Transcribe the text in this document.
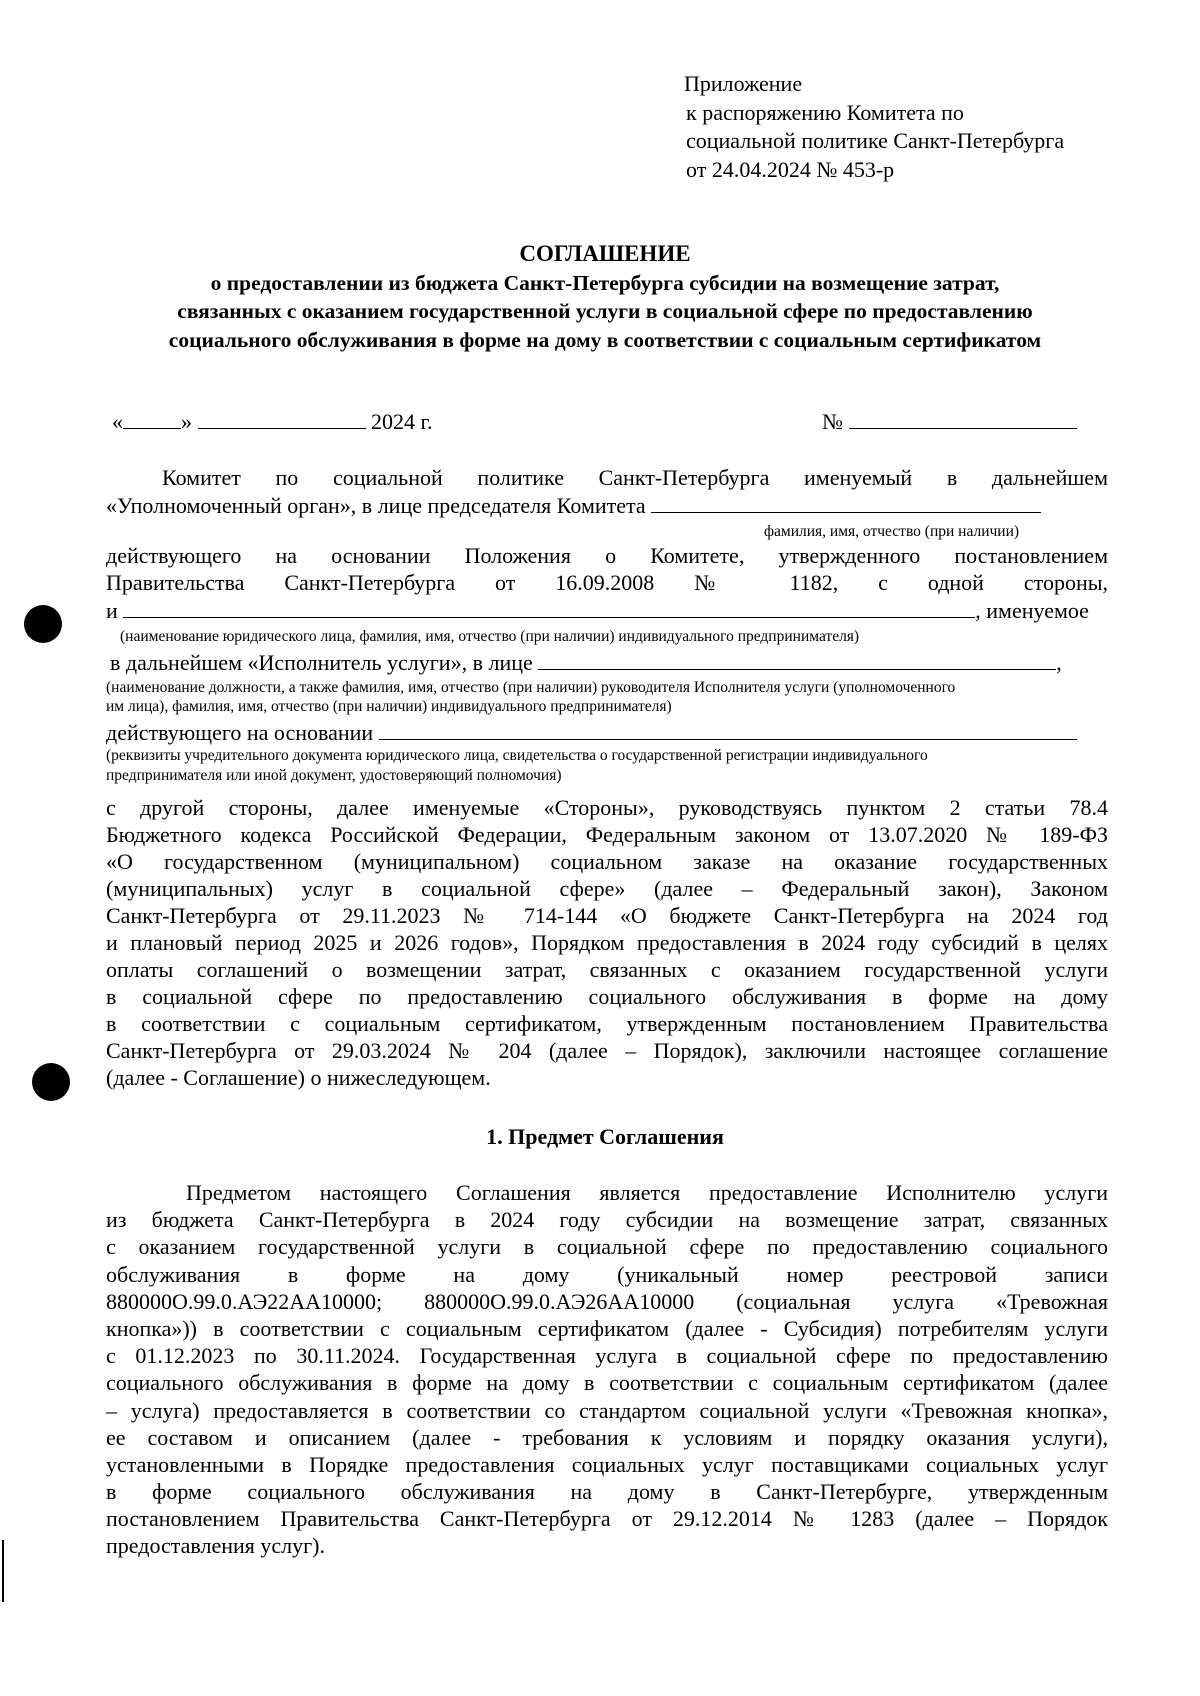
Приложение
к распоряжению Комитета по
социальной политике Санкт-Петербурга
от 24.04.2024 № 453-р
СОГЛАШЕНИЕ
о предоставлении из бюджета Санкт-Петербурга субсидии на возмещение затрат,
связанных с оказанием государственной услуги в социальной сфере по предоставлению
социального обслуживания в форме на дому в соответствии с социальным сертификатом
«	»	2024 г.	№
Комитет по социальной политике Санкт-Петербурга именуемый в дальнейшем
«Уполномоченный орган», в лице председателя Комитета
фамилия, имя, отчество (при наличии)
действующего на основании Положения о Комитете, утвержденного постановлением
Правительства Санкт-Петербурга от 16.09.2008 № 1182, с одной стороны,
и	, именуемое
(наименование юридического лица, фамилия, имя, отчество (при наличии) индивидуального предпринимателя)
в дальнейшем «Исполнитель услуги», в лице	,
(наименование должности, а также фамилия, имя, отчество (при наличии) руководителя Исполнителя услуги (уполномоченного
им лица), фамилия, имя, отчество (при наличии) индивидуального предпринимателя)
действующего на основании
(реквизиты учредительного документа юридического лица, свидетельства о государственной регистрации индивидуального
предпринимателя или иной документ, удостоверяющий полномочия)
с другой стороны, далее именуемые «Стороны», руководствуясь пунктом 2 статьи 78.4
Бюджетного кодекса Российской Федерации, Федеральным законом от 13.07.2020 № 189-ФЗ
«О государственном (муниципальном) социальном заказе на оказание государственных
(муниципальных) услуг в социальной сфере» (далее – Федеральный закон), Законом
Санкт-Петербурга от 29.11.2023 № 714-144 «О бюджете Санкт-Петербурга на 2024 год
и плановый период 2025 и 2026 годов», Порядком предоставления в 2024 году субсидий в целях
оплаты соглашений о возмещении затрат, связанных с оказанием государственной услуги
в социальной сфере по предоставлению социального обслуживания в форме на дому
в соответствии с социальным сертификатом, утвержденным постановлением Правительства
Санкт-Петербурга от 29.03.2024 № 204 (далее – Порядок), заключили настоящее соглашение
(далее - Соглашение) о нижеследующем.
1. Предмет Соглашения
Предметом настоящего Соглашения является предоставление Исполнителю услуги
из бюджета Санкт-Петербурга в 2024 году субсидии на возмещение затрат, связанных
с оказанием государственной услуги в социальной сфере по предоставлению социального
обслуживания в форме на дому (уникальный номер реестровой записи
880000О.99.0.АЭ22АА10000; 880000О.99.0.АЭ26АА10000 (социальная услуга «Тревожная
кнопка»)) в соответствии с социальным сертификатом (далее - Субсидия) потребителям услуги
с 01.12.2023 по 30.11.2024. Государственная услуга в социальной сфере по предоставлению
социального обслуживания в форме на дому в соответствии с социальным сертификатом (далее
– услуга) предоставляется в соответствии со стандартом социальной услуги «Тревожная кнопка»,
ее составом и описанием (далее - требования к условиям и порядку оказания услуги),
установленными в Порядке предоставления социальных услуг поставщиками социальных услуг
в форме социального обслуживания на дому в Санкт-Петербурге, утвержденным
постановлением Правительства Санкт-Петербурга от 29.12.2014 № 1283 (далее – Порядок
предоставления услуг).
